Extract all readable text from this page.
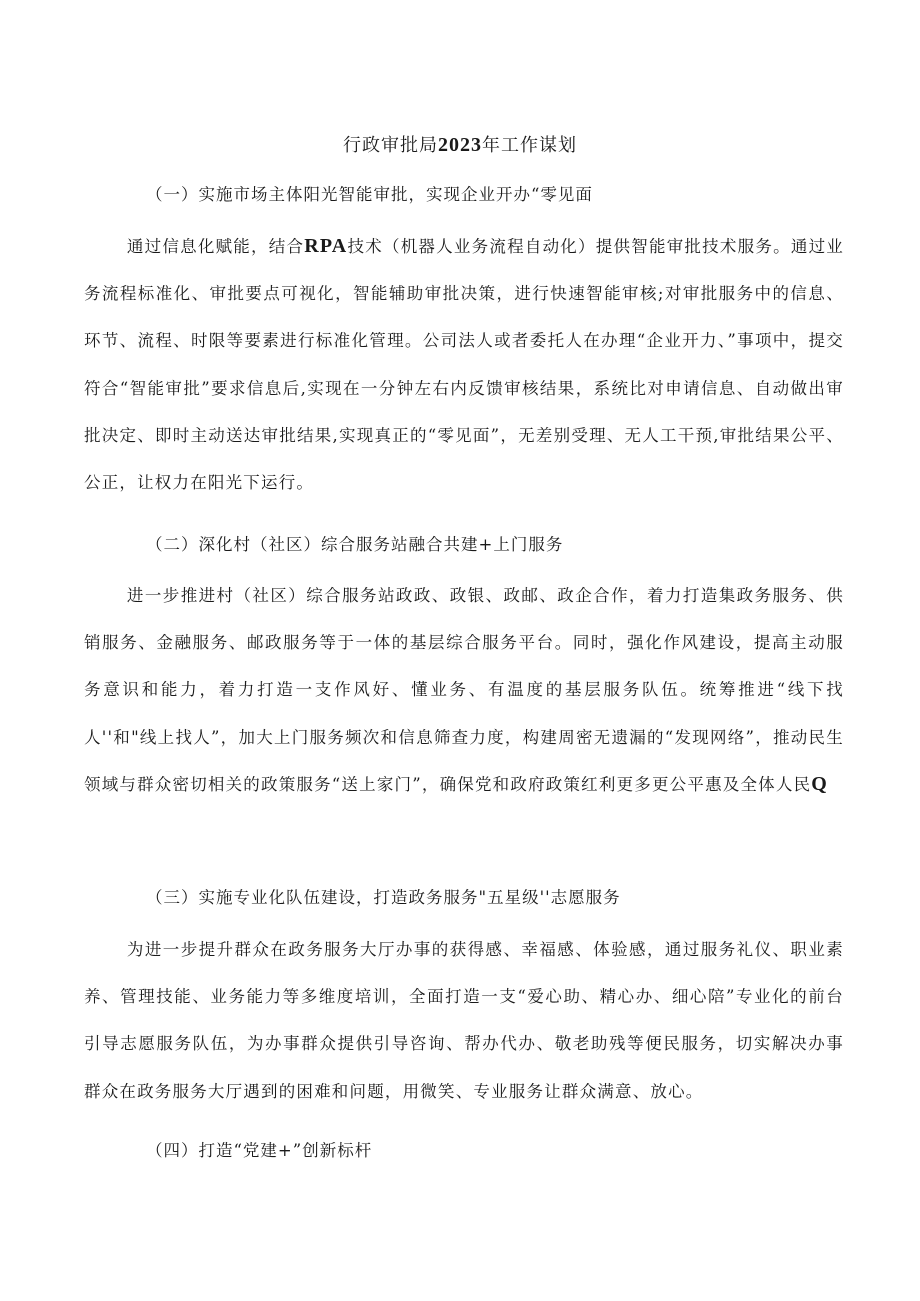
行政审批局2023年工作谋划
（一）实施市场主体阳光智能审批，实现企业开办“零见面
通过信息化赋能，结合RPA技术（机器人业务流程自动化）提供智能审批技术服务。通过业务流程标准化、审批要点可视化，智能辅助审批决策，进行快速智能审核;对审批服务中的信息、环节、流程、时限等要素进行标准化管理。公司法人或者委托人在办理“企业开力、”事项中，提交符合“智能审批”要求信息后,实现在一分钟左右内反馈审核结果，系统比对申请信息、自动做出审批决定、即时主动送达审批结果,实现真正的“零见面”，无差别受理、无人工干预,审批结果公平、公正，让权力在阳光下运行。
（二）深化村（社区）综合服务站融合共建+上门服务
进一步推进村（社区）综合服务站政政、政银、政邮、政企合作，着力打造集政务服务、供销服务、金融服务、邮政服务等于一体的基层综合服务平台。同时，强化作风建设，提高主动服务意识和能力，着力打造一支作风好、懂业务、有温度的基层服务队伍。统筹推进“线下找人''和"线上找人”，加大上门服务频次和信息筛查力度，构建周密无遗漏的“发现网络”，推动民生领域与群众密切相关的政策服务“送上家门”，确保党和政府政策红利更多更公平惠及全体人民Q
（三）实施专业化队伍建设，打造政务服务"五星级''志愿服务
为进一步提升群众在政务服务大厅办事的获得感、幸福感、体验感，通过服务礼仪、职业素养、管理技能、业务能力等多维度培训，全面打造一支“爱心助、精心办、细心陪”专业化的前台引导志愿服务队伍，为办事群众提供引导咨询、帮办代办、敬老助残等便民服务，切实解决办事群众在政务服务大厅遇到的困难和问题，用微笑、专业服务让群众满意、放心。
（四）打造“党建+”创新标杆
